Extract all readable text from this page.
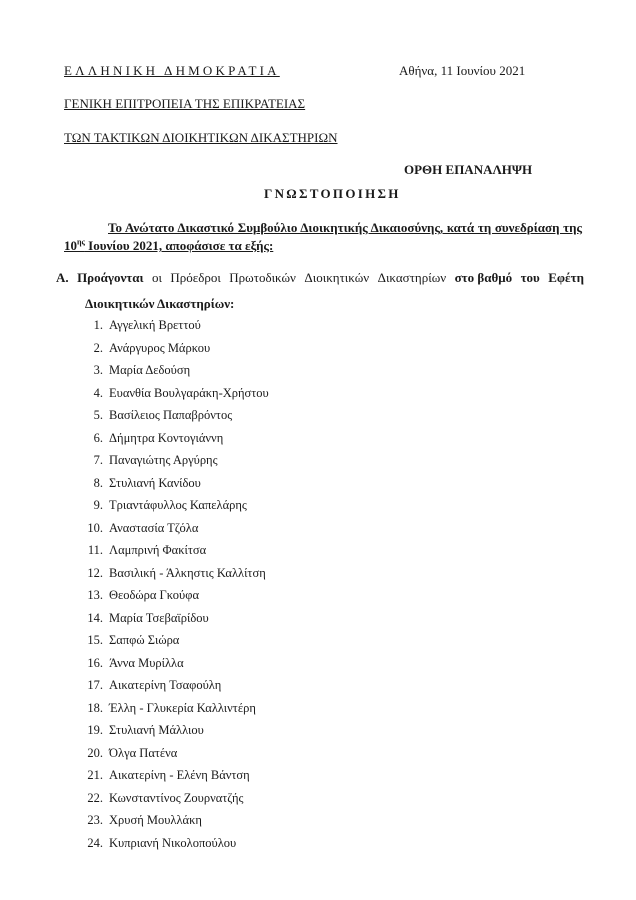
ΕΛΛΗΝΙΚΗ ΔΗΜΟΚΡΑΤΙΑ	Αθήνα, 11 Ιουνίου 2021
ΓΕΝΙΚΗ ΕΠΙΤΡΟΠΕΙΑ ΤΗΣ ΕΠΙΚΡΑΤΕΙΑΣ
ΤΩΝ ΤΑΚΤΙΚΩΝ ΔΙΟΙΚΗΤΙΚΩΝ ΔΙΚΑΣΤΗΡΙΩΝ
ΟΡΘΗ ΕΠΑΝΑΛΗΨΗ
ΓΝΩΣΤΟΠΟΙΗΣΗ
Το Ανώτατο Δικαστικό Συμβούλιο Διοικητικής Δικαιοσύνης, κατά τη συνεδρίαση της
$10^{\eta\varsigma}$ Ιουνίου 2021, αποφάσισε τα εξής:
Α. Προάγονται οι Πρόεδροι Πρωτοδικών Διοικητικών Δικαστηρίων στο βαθμό του Εφέτη
Διοικητικών Δικαστηρίων:
1. Αγγελική Βρεττού
2. Ανάργυρος Μάρκου
3. Μαρία Δεδούση
4. Ευανθία Βουλγαράκη-Χρήστου
5. Βασίλειος Παπαβρόντος
6. Δήμητρα Κοντογιάννη
7. Παναγιώτης Αργύρης
8. Στυλιανή Κανίδου
9. Τριαντάφυλλος Καπελάρης
10. Αναστασία Τζόλα
11. Λαμπρινή Φακίτσα
12. Βασιλική - Άλκηστις Καλλίτση
13. Θεοδώρα Γκούφα
14. Μαρία Τσεβαϊρίδου
15. Σαπφώ Σιώρα
16. Άννα Μυρίλλα
17. Αικατερίνη Τσαφούλη
18. Έλλη - Γλυκερία Καλλιντέρη
19. Στυλιανή Μάλλιου
20. Όλγα Πατένα
21. Αικατερίνη - Ελένη Βάντση
22. Κωνσταντίνος Ζουρνατζής
23. Χρυσή Μουλλάκη
24. Κυπριανή Νικολοπούλου
